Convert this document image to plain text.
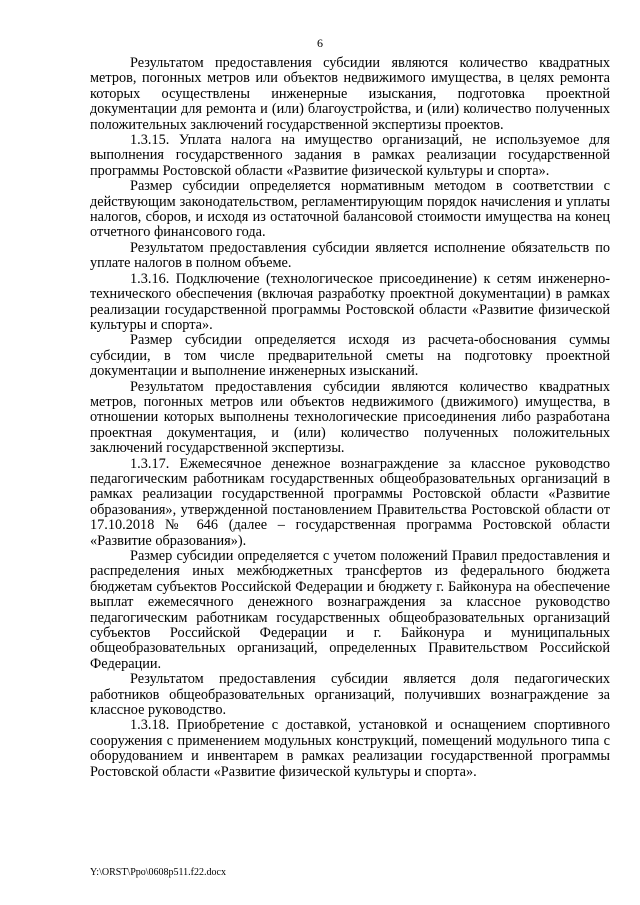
6

Результатом предоставления субсидии являются количество квадратных метров, погонных метров или объектов недвижимого имущества, в целях ремонта которых осуществлены инженерные изыскания, подготовка проектной документации для ремонта и (или) благоустройства, и (или) количество полученных положительных заключений государственной экспертизы проектов.

1.3.15. Уплата налога на имущество организаций, не используемое для выполнения государственного задания в рамках реализации государственной программы Ростовской области «Развитие физической культуры и спорта».

Размер субсидии определяется нормативным методом в соответствии с действующим законодательством, регламентирующим порядок начисления и уплаты налогов, сборов, и исходя из остаточной балансовой стоимости имущества на конец отчетного финансового года.

Результатом предоставления субсидии является исполнение обязательств по уплате налогов в полном объеме.

1.3.16. Подключение (технологическое присоединение) к сетям инженерно-технического обеспечения (включая разработку проектной документации) в рамках реализации государственной программы Ростовской области «Развитие физической культуры и спорта».

Размер субсидии определяется исходя из расчета-обоснования суммы субсидии, в том числе предварительной сметы на подготовку проектной документации и выполнение инженерных изысканий.

Результатом предоставления субсидии являются количество квадратных метров, погонных метров или объектов недвижимого (движимого) имущества, в отношении которых выполнены технологические присоединения либо разработана проектная документация, и (или) количество полученных положительных заключений государственной экспертизы.

1.3.17. Ежемесячное денежное вознаграждение за классное руководство педагогическим работникам государственных общеобразовательных организаций в рамках реализации государственной программы Ростовской области «Развитие образования», утвержденной постановлением Правительства Ростовской области от 17.10.2018 № 646 (далее – государственная программа Ростовской области «Развитие образования»).

Размер субсидии определяется с учетом положений Правил предоставления и распределения иных межбюджетных трансфертов из федерального бюджета бюджетам субъектов Российской Федерации и бюджету г. Байконура на обеспечение выплат ежемесячного денежного вознаграждения за классное руководство педагогическим работникам государственных общеобразовательных организаций субъектов Российской Федерации и г. Байконура и муниципальных общеобразовательных организаций, определенных Правительством Российской Федерации.

Результатом предоставления субсидии является доля педагогических работников общеобразовательных организаций, получивших вознаграждение за классное руководство.

1.3.18. Приобретение с доставкой, установкой и оснащением спортивного сооружения с применением модульных конструкций, помещений модульного типа с оборудованием и инвентарем в рамках реализации государственной программы Ростовской области «Развитие физической культуры и спорта».

Y:\ORST\Ppo\0608p511.f22.docx
